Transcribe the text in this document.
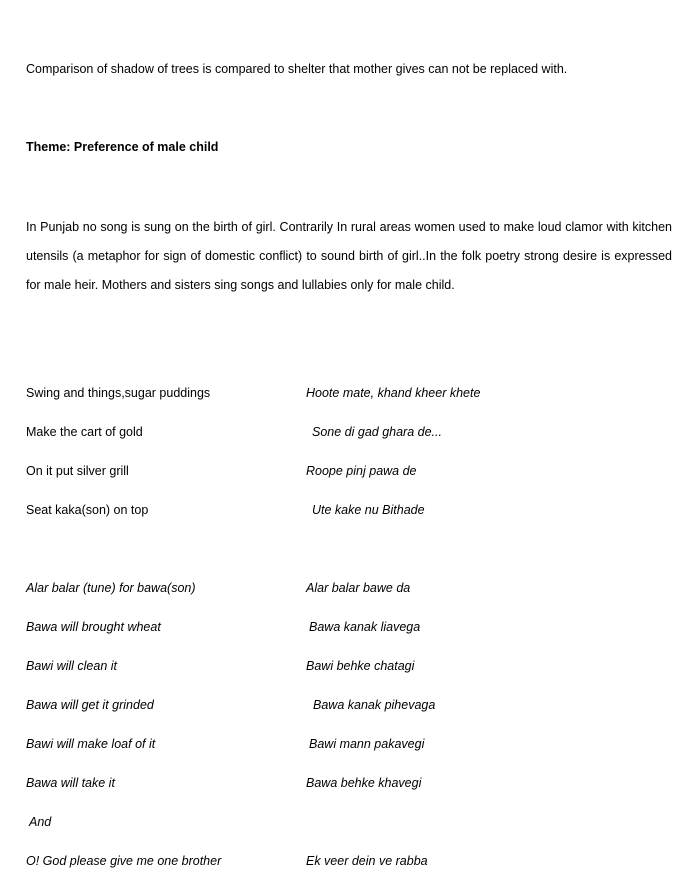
Comparison of shadow of trees is compared to shelter that mother gives can not be replaced with.
Theme: Preference of male child

In Punjab no song is sung on the birth of girl. Contrarily In rural areas women used to make loud clamor with kitchen utensils (a metaphor for sign of domestic conflict) to sound birth of girl..In the folk poetry strong desire is expressed for male heir. Mothers and sisters sing songs and lullabies only for male child.

Swing and things,sugar puddings	Hoote mate, khand kheer khete
Make the cart of gold	Sone di gad ghara de...
On it put silver grill	Roope pinj pawa de
Seat kaka(son) on top	Ute kake nu Bithade
Alar balar (tune) for bawa(son)	Alar balar bawe da
Bawa will brought wheat	Bawa kanak liavega
Bawi will clean it	Bawi behke chatagi
Bawa will get it grinded	Bawa kanak pihevaga
Bawi will make loaf of it	Bawi mann pakavegi
Bawa will take it	Bawa behke khavegi
And
O! God please give me one brother	Ek veer dein ve rabba
